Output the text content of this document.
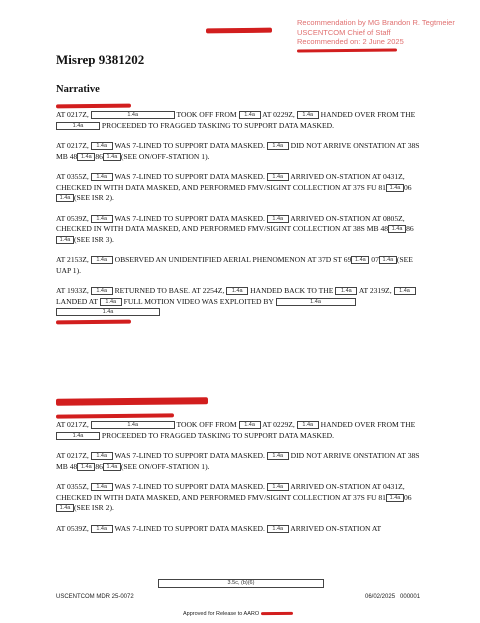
Recommendation by MG Brandon R. Tegtmeier
USCENTCOM Chief of Staff
Recommended on: 2 June 2025
Misrep 9381202
Narrative

AT 0217Z,	1.4a	TOOK OFF FROM 1.4a AT 0229Z, 1.4a HANDED OVER FROM THE 1.4a PROCEEDED TO FRAGGED TASKING TO SUPPORT DATA MASKED.

AT 0217Z, 1.4a WAS 7-LINED TO SUPPORT DATA MASKED. 1.4a DID NOT ARRIVE ONSTATION AT 38S MB 48 1.4a 86 1.4a (SEE ON/OFF-STATION 1).

AT 0355Z, 1.4a WAS 7-LINED TO SUPPORT DATA MASKED. 1.4a ARRIVED ON-STATION AT 0431Z, CHECKED IN WITH DATA MASKED, AND PERFORMED FMV/SIGINT COLLECTION AT 37S FU 81 1.4a 061.4a (SEE ISR 2).

AT 0539Z, 1.4a WAS 7-LINED TO SUPPORT DATA MASKED. 1.4a ARRIVED ON-STATION AT 0805Z, CHECKED IN WITH DATA MASKED, AND PERFORMED FMV/SIGINT COLLECTION AT 38S MB 48 1.4a 861.4a (SEE ISR 3).

AT 2153Z, 1.4a OBSERVED AN UNIDENTIFIED AERIAL PHENOMENON AT 37D ST 69 1.4a 07 1.4a (SEE UAP 1).

AT 1933Z, 1.4a RETURNED TO BASE. AT 2254Z, 1.4a HANDED BACK TO THE 1.4a AT 2319Z, 1.4a LANDED AT 1.4a FULL MOTION VIDEO WAS EXPLOITED BY	1.4a
1.4a

AT 0217Z,	1.4a	TOOK OFF FROM 1.4a AT 0229Z, 1.4a HANDED OVER FROM THE 1.4a PROCEEDED TO FRAGGED TASKING TO SUPPORT DATA MASKED.

AT 0217Z, 1.4a WAS 7-LINED TO SUPPORT DATA MASKED. 1.4a DID NOT ARRIVE ONSTATION AT 38S MB 48 1.4a 86 1.4a (SEE ON/OFF-STATION 1).

AT 0355Z, 1.4a WAS 7-LINED TO SUPPORT DATA MASKED. 1.4a ARRIVED ON-STATION AT 0431Z, CHECKED IN WITH DATA MASKED, AND PERFORMED FMV/SIGINT COLLECTION AT 37S FU 81 1.4a 061.4a (SEE ISR 2).

AT 0539Z, 1.4a WAS 7-LINED TO SUPPORT DATA MASKED. 1.4a ARRIVED ON-STATION AT

3.5c, (b)(6)
USCENTCOM MDR 25-0072	06/02/2025 000001
Approved for Release to AARO
